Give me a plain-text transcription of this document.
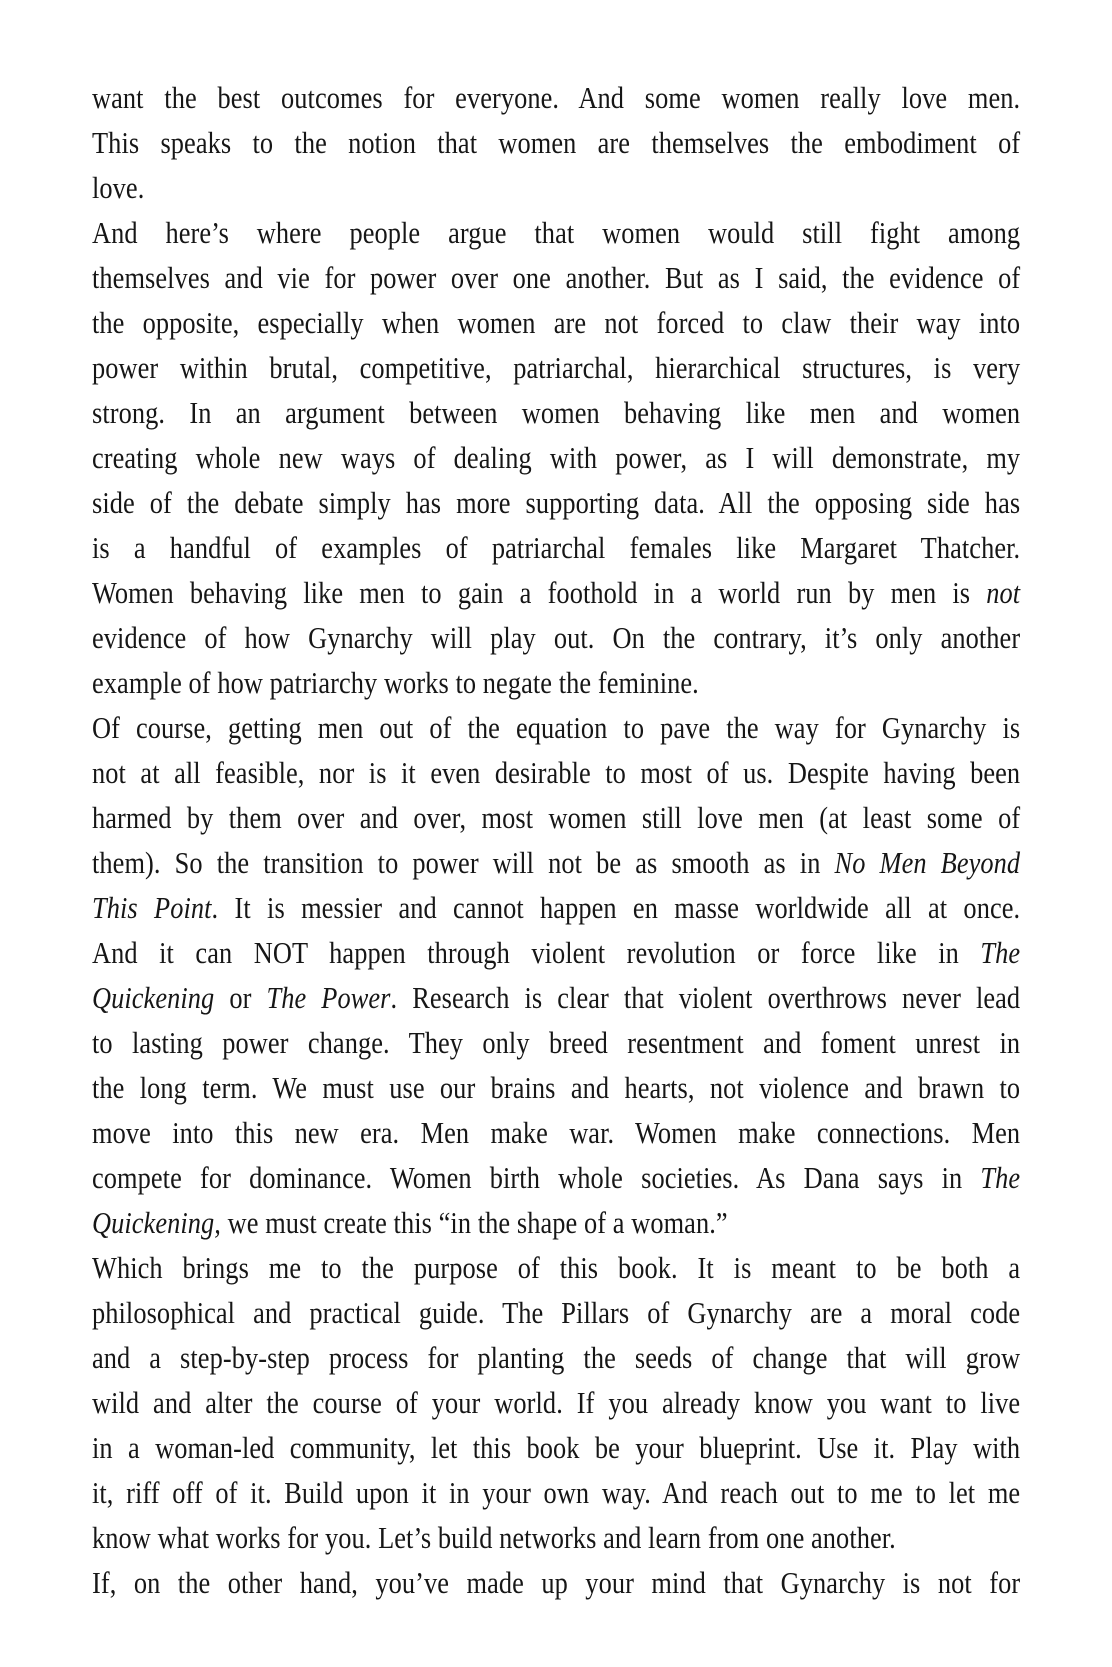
want the best outcomes for everyone. And some women really love men.
This speaks to the notion that women are themselves the embodiment of
love.
And here’s where people argue that women would still fight among
themselves and vie for power over one another. But as I said, the evidence of
the opposite, especially when women are not forced to claw their way into
power within brutal, competitive, patriarchal, hierarchical structures, is very
strong. In an argument between women behaving like men and women
creating whole new ways of dealing with power, as I will demonstrate, my
side of the debate simply has more supporting data. All the opposing side has
is a handful of examples of patriarchal females like Margaret Thatcher.
Women behaving like men to gain a foothold in a world run by men is not
evidence of how Gynarchy will play out. On the contrary, it’s only another
example of how patriarchy works to negate the feminine.
Of course, getting men out of the equation to pave the way for Gynarchy is
not at all feasible, nor is it even desirable to most of us. Despite having been
harmed by them over and over, most women still love men (at least some of
them). So the transition to power will not be as smooth as in No Men Beyond
This Point. It is messier and cannot happen en masse worldwide all at once.
And it can NOT happen through violent revolution or force like in The
Quickening or The Power. Research is clear that violent overthrows never lead
to lasting power change. They only breed resentment and foment unrest in
the long term. We must use our brains and hearts, not violence and brawn to
move into this new era. Men make war. Women make connections. Men
compete for dominance. Women birth whole societies. As Dana says in The
Quickening, we must create this “in the shape of a woman.”
Which brings me to the purpose of this book. It is meant to be both a
philosophical and practical guide. The Pillars of Gynarchy are a moral code
and a step-by-step process for planting the seeds of change that will grow
wild and alter the course of your world. If you already know you want to live
in a woman-led community, let this book be your blueprint. Use it. Play with
it, riff off of it. Build upon it in your own way. And reach out to me to let me
know what works for you. Let’s build networks and learn from one another.
If, on the other hand, you’ve made up your mind that Gynarchy is not for
